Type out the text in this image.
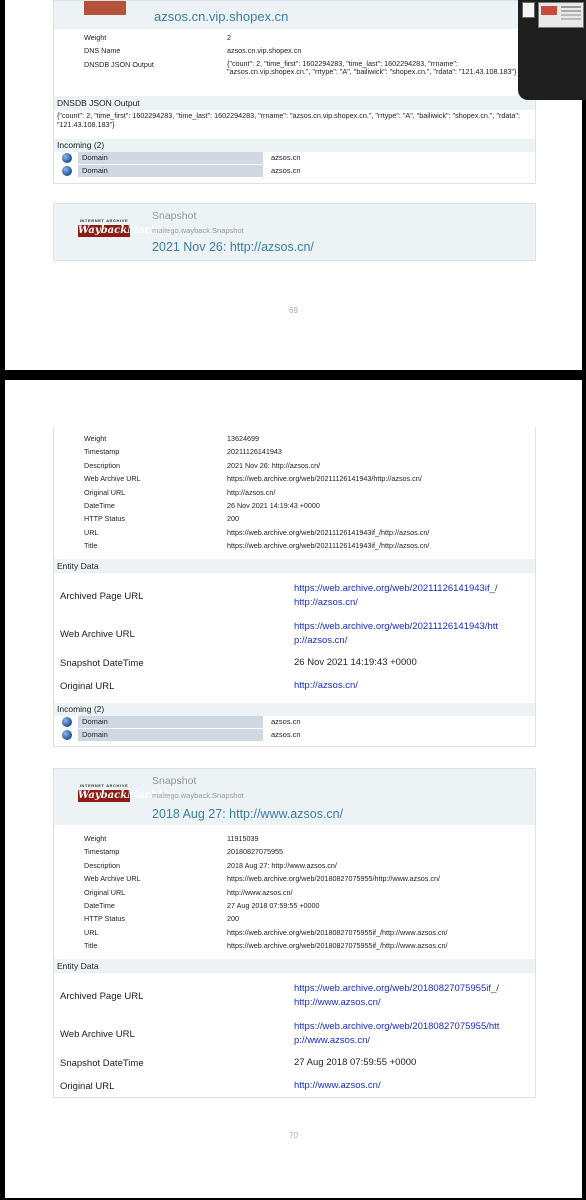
azsos.cn.vip.shopex.cn
Weight	2
DNS Name	azsos.cn.vip.shopex.cn
DNSDB JSON Output	{"count": 2, "time_first": 1602294283, "time_last": 1602294283, "rrname": "azsos.cn.vip.shopex.cn.", "rrtype": "A", "bailiwick": "shopex.cn.", "rdata": "121.43.108.183"}
DNSDB JSON Output
{"count": 2, "time_first": 1602294283, "time_last": 1602294283, "rrname": "azsos.cn.vip.shopex.cn.", "rrtype": "A", "bailiwick": "shopex.cn.", "rdata": "121.43.108.183"}
Incoming (2)
Domain	azsos.cn
Domain	azsos.cn
INTERNET ARCHIVE
WaybackMachine
Snapshot
maltego.wayback.Snapshot
2021 Nov 26: http://azsos.cn/
69
Weight	13624699
Timestamp	20211126141943
Description	2021 Nov 26: http://azsos.cn/
Web Archive URL	https://web.archive.org/web/20211126141943/http://azsos.cn/
Original URL	http://azsos.cn/
DateTime	26 Nov 2021 14:19:43 +0000
HTTP Status	200
URL	https://web.archive.org/web/20211126141943if_/http://azsos.cn/
Title	https://web.archive.org/web/20211126141943if_/http://azsos.cn/
Entity Data
Archived Page URL
https://web.archive.org/web/20211126141943if_/
http://azsos.cn/
Web Archive URL
https://web.archive.org/web/20211126141943/htt
p://azsos.cn/
Snapshot DateTime	26 Nov 2021 14:19:43 +0000
Original URL	http://azsos.cn/
Incoming (2)
Domain	azsos.cn
Domain	azsos.cn
INTERNET ARCHIVE
WaybackMachine
Snapshot
maltego.wayback.Snapshot
2018 Aug 27: http://www.azsos.cn/
Weight	11915039
Timestamp	20180827075955
Description	2018 Aug 27: http://www.azsos.cn/
Web Archive URL	https://web.archive.org/web/20180827075955/http://www.azsos.cn/
Original URL	http://www.azsos.cn/
DateTime	27 Aug 2018 07:59:55 +0000
HTTP Status	200
URL	https://web.archive.org/web/20180827075955if_/http://www.azsos.cn/
Title	https://web.archive.org/web/20180827075955if_/http://www.azsos.cn/
Entity Data
Archived Page URL
https://web.archive.org/web/20180827075955if_/
http://www.azsos.cn/
Web Archive URL
https://web.archive.org/web/20180827075955/htt
p://www.azsos.cn/
Snapshot DateTime	27 Aug 2018 07:59:55 +0000
Original URL	http://www.azsos.cn/
70
